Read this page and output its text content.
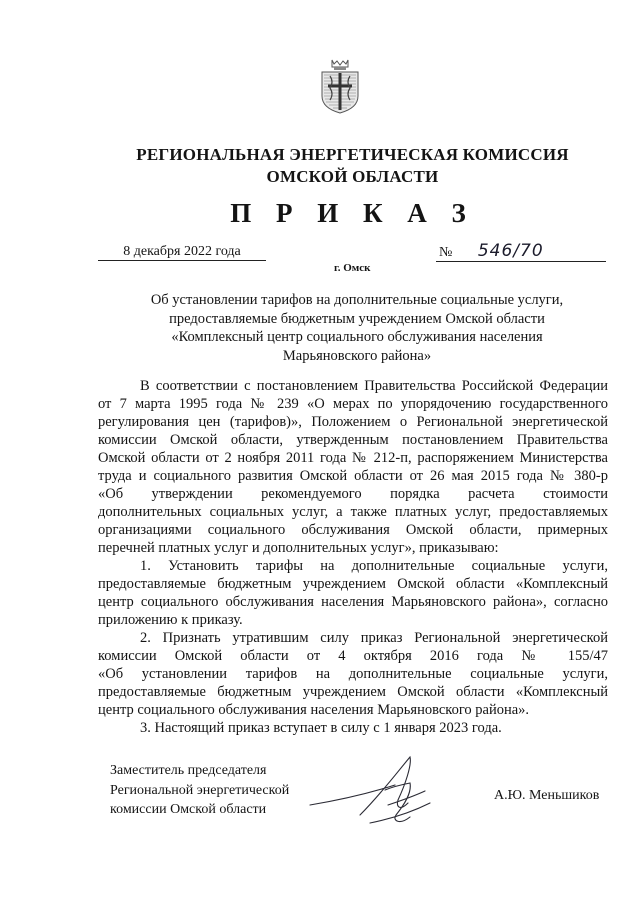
РЕГИОНАЛЬНАЯ ЭНЕРГЕТИЧЕСКАЯ КОМИССИЯ
ОМСКОЙ ОБЛАСТИ
П Р И К А З
8 декабря 2022 года	№ 546/70
г. Омск
Об установлении тарифов на дополнительные социальные услуги,
предоставляемые бюджетным учреждением Омской области
«Комплексный центр социального обслуживания населения
Марьяновского района»
В соответствии с постановлением Правительства Российской Федерации
от 7 марта 1995 года № 239 «О мерах по упорядочению государственного
регулирования цен (тарифов)», Положением о Региональной энергетической
комиссии Омской области, утвержденным постановлением Правительства
Омской области от 2 ноября 2011 года № 212-п, распоряжением Министерства
труда и социального развития Омской области от 26 мая 2015 года № 380-р
«Об утверждении рекомендуемого порядка расчета стоимости
дополнительных социальных услуг, а также платных услуг, предоставляемых
организациями социального обслуживания Омской области, примерных
перечней платных услуг и дополнительных услуг», приказываю:
1. Установить тарифы на дополнительные социальные услуги,
предоставляемые бюджетным учреждением Омской области «Комплексный
центр социального обслуживания населения Марьяновского района», согласно
приложению к приказу.
2. Признать утратившим силу приказ Региональной энергетической
комиссии Омской области от 4 октября 2016 года № 155/47
«Об установлении тарифов на дополнительные социальные услуги,
предоставляемые бюджетным учреждением Омской области «Комплексный
центр социального обслуживания населения Марьяновского района».
3. Настоящий приказ вступает в силу с 1 января 2023 года.
Заместитель председателя
Региональной энергетической
комиссии Омской области
А.Ю. Меньшиков
